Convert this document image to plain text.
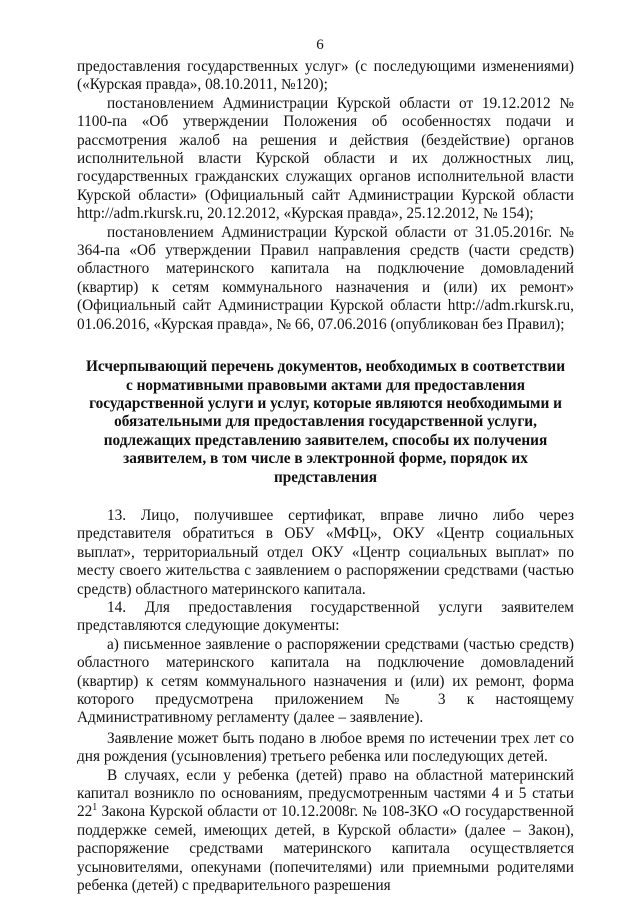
6

предоставления государственных услуг» (с последующими изменениями) («Курская правда», 08.10.2011, №120);

постановлением Администрации Курской области от 19.12.2012 № 1100-па «Об утверждении Положения об особенностях подачи и рассмотрения жалоб на решения и действия (бездействие) органов исполнительной власти Курской области и их должностных лиц, государственных гражданских служащих органов исполнительной власти Курской области» (Официальный сайт Администрации Курской области http://adm.rkursk.ru, 20.12.2012, «Курская правда», 25.12.2012, № 154);

постановлением Администрации Курской области от 31.05.2016г. № 364-па «Об утверждении Правил направления средств (части средств) областного материнского капитала на подключение домовладений (квартир) к сетям коммунального назначения и (или) их ремонт» (Официальный сайт Администрации Курской области http://adm.rkursk.ru, 01.06.2016, «Курская правда», № 66, 07.06.2016 (опубликован без Правил);

Исчерпывающий перечень документов, необходимых в соответствии с нормативными правовыми актами для предоставления государственной услуги и услуг, которые являются необходимыми и обязательными для предоставления государственной услуги, подлежащих представлению заявителем, способы их получения заявителем, в том числе в электронной форме, порядок их представления

13. Лицо, получившее сертификат, вправе лично либо через представителя обратиться в ОБУ «МФЦ», ОКУ «Центр социальных выплат», территориальный отдел ОКУ «Центр социальных выплат» по месту своего жительства с заявлением о распоряжении средствами (частью средств) областного материнского капитала.

14. Для предоставления государственной услуги заявителем представляются следующие документы:

а) письменное заявление о распоряжении средствами (частью средств) областного материнского капитала на подключение домовладений (квартир) к сетям коммунального назначения и (или) их ремонт, форма которого предусмотрена приложением № 3 к настоящему Административному регламенту (далее – заявление).

Заявление может быть подано в любое время по истечении трех лет со дня рождения (усыновления) третьего ребенка или последующих детей.

В случаях, если у ребенка (детей) право на областной материнский капитал возникло по основаниям, предусмотренным частями 4 и 5 статьи $22^1$ Закона Курской области от 10.12.2008г. № 108-ЗКО «О государственной поддержке семей, имеющих детей, в Курской области» (далее – Закон), распоряжение средствами материнского капитала осуществляется усыновителями, опекунами (попечителями) или приемными родителями ребенка (детей) с предварительного разрешения
